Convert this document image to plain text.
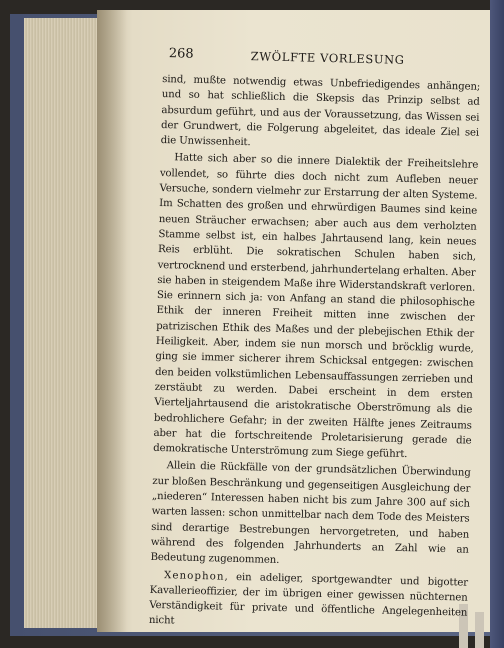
268	ZWÖLFTE VORLESUNG

sind, mußte notwendig etwas Unbefriedigendes anhängen; und so hat schließlich die Skepsis das Prinzip selbst ad absurdum geführt, und aus der Voraussetzung, das Wissen sei der Grundwert, die Folgerung abgeleitet, das ideale Ziel sei die Unwissenheit.

Hatte sich aber so die innere Dialektik der Freiheitslehre vollendet, so führte dies doch nicht zum Aufleben neuer Versuche, sondern vielmehr zur Erstarrung der alten Systeme. Im Schatten des großen und ehrwürdigen Baumes sind keine neuen Sträucher erwachsen; aber auch aus dem verholzten Stamme selbst ist, ein halbes Jahrtausend lang, kein neues Reis erblüht. Die sokratischen Schulen haben sich, vertrocknend und ersterbend, jahrhundertelang erhalten. Aber sie haben in steigendem Maße ihre Widerstandskraft verloren. Sie erinnern sich ja: von Anfang an stand die philosophische Ethik der inneren Freiheit mitten inne zwischen der patrizischen Ethik des Maßes und der plebejischen Ethik der Heiligkeit. Aber, indem sie nun morsch und bröcklig wurde, ging sie immer sicherer ihrem Schicksal entgegen: zwischen den beiden volkstümlichen Lebensauffassungen zerrieben und zerstäubt zu werden. Dabei erscheint in dem ersten Vierteljahrtausend die aristokratische Oberströmung als die bedrohlichere Gefahr; in der zweiten Hälfte jenes Zeitraums aber hat die fortschreitende Proletarisierung gerade die demokratische Unterströmung zum Siege geführt.

Allein die Rückfälle von der grundsätzlichen Überwindung zur bloßen Beschränkung und gegenseitigen Ausgleichung der „niederen“ Interessen haben nicht bis zum Jahre 300 auf sich warten lassen: schon unmittelbar nach dem Tode des Meisters sind derartige Bestrebungen hervorgetreten, und haben während des folgenden Jahrhunderts an Zahl wie an Bedeutung zugenommen.

Xenophon, ein adeliger, sportgewandter und bigotter Kavallerieoffizier, der im übrigen einer gewissen nüchternen Verständigkeit für private und öffentliche Angelegenheiten nicht
